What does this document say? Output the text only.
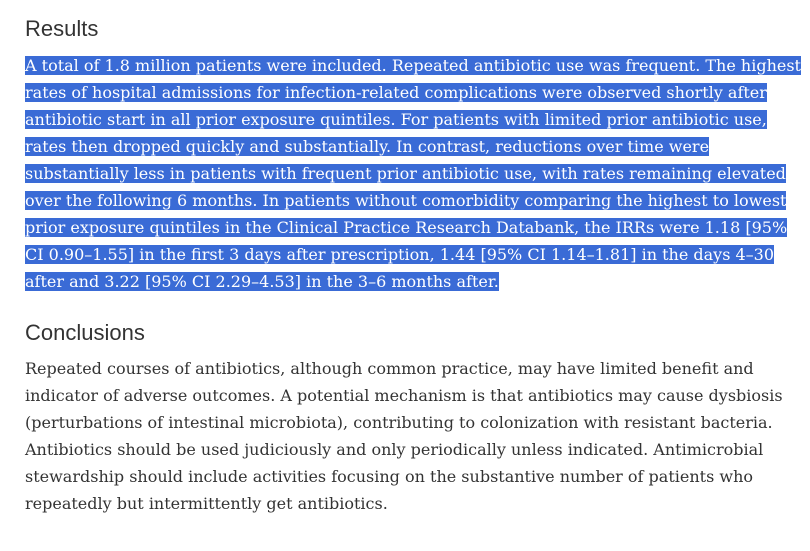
Results
A total of 1.8 million patients were included. Repeated antibiotic use was frequent. The highest
rates of hospital admissions for infection-related complications were observed shortly after
antibiotic start in all prior exposure quintiles. For patients with limited prior antibiotic use,
rates then dropped quickly and substantially. In contrast, reductions over time were
substantially less in patients with frequent prior antibiotic use, with rates remaining elevated
over the following 6 months. In patients without comorbidity comparing the highest to lowest
prior exposure quintiles in the Clinical Practice Research Databank, the IRRs were 1.18 [95%
CI 0.90–1.55] in the first 3 days after prescription, 1.44 [95% CI 1.14–1.81] in the days 4–30
after and 3.22 [95% CI 2.29–4.53] in the 3–6 months after.
Conclusions
Repeated courses of antibiotics, although common practice, may have limited benefit and
indicator of adverse outcomes. A potential mechanism is that antibiotics may cause dysbiosis
(perturbations of intestinal microbiota), contributing to colonization with resistant bacteria.
Antibiotics should be used judiciously and only periodically unless indicated. Antimicrobial
stewardship should include activities focusing on the substantive number of patients who
repeatedly but intermittently get antibiotics.
